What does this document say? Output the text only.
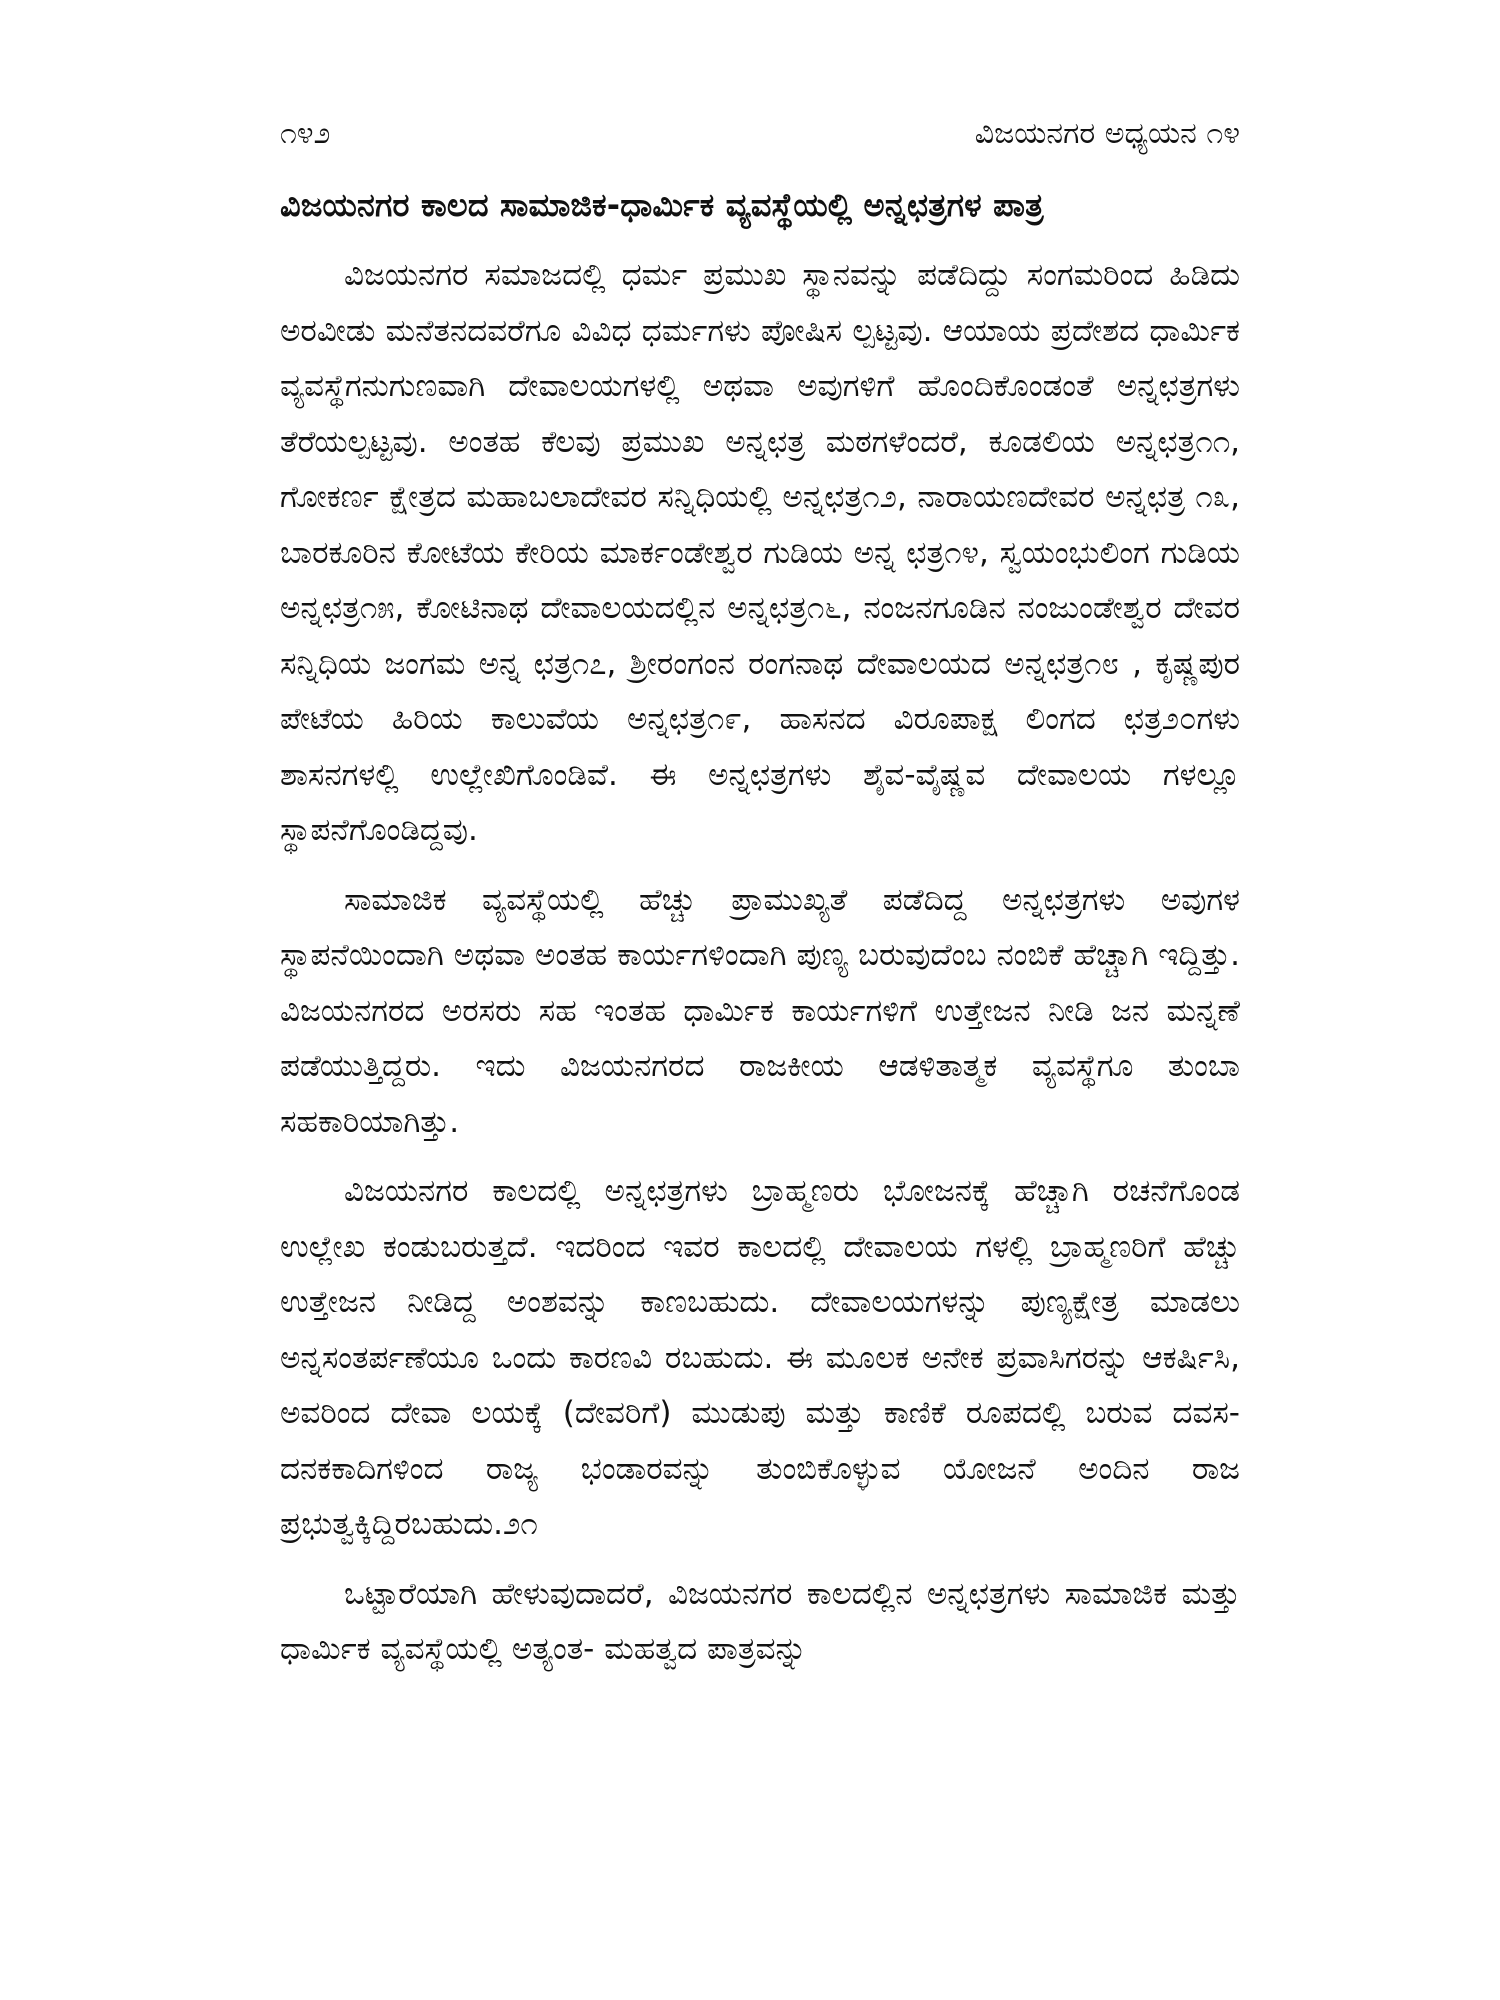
೧೪೨	ವಿಜಯನಗರ ಅಧ್ಯಯನ ೧೪
ವಿಜಯನಗರ ಕಾಲದ ಸಾಮಾಜಿಕ-ಧಾರ್ಮಿಕ ವ್ಯವಸ್ಥೆಯಲ್ಲಿ ಅನ್ನಛತ್ರಗಳ ಪಾತ್ರ

ವಿಜಯನಗರ ಸಮಾಜದಲ್ಲಿ ಧರ್ಮ ಪ್ರಮುಖ ಸ್ಥಾನವನ್ನು ಪಡೆದಿದ್ದು ಸಂಗಮರಿಂದ ಹಿಡಿದು ಅರವೀಡು ಮನೆತನದವರೆಗೂ ವಿವಿಧ ಧರ್ಮಗಳು ಪೋಷಿಸ ಲ್ಪಟ್ಟವು. ಆಯಾಯ ಪ್ರದೇಶದ ಧಾರ್ಮಿಕ ವ್ಯವಸ್ಥೆಗನುಗುಣವಾಗಿ ದೇವಾಲಯಗಳಲ್ಲಿ ಅಥವಾ ಅವುಗಳಿಗೆ ಹೊಂದಿಕೊಂಡಂತೆ ಅನ್ನಛತ್ರಗಳು ತೆರೆಯಲ್ಪಟ್ಟವು. ಅಂತಹ ಕೆಲವು ಪ್ರಮುಖ ಅನ್ನಛತ್ರ ಮಠಗಳೆಂದರೆ, ಕೂಡಲಿಯ ಅನ್ನಛತ್ರ೧೧, ಗೋಕರ್ಣ ಕ್ಷೇತ್ರದ ಮಹಾಬಲಾದೇವರ ಸನ್ನಿಧಿಯಲ್ಲಿ ಅನ್ನಛತ್ರ೧೨, ನಾರಾಯಣದೇವರ ಅನ್ನಛತ್ರ ೧೩, ಬಾರಕೂರಿನ ಕೋಟೆಯ ಕೇರಿಯ ಮಾರ್ಕಂಡೇಶ್ವರ ಗುಡಿಯ ಅನ್ನ ಛತ್ರ೧೪, ಸ್ವಯಂಭುಲಿಂಗ ಗುಡಿಯ ಅನ್ನಛತ್ರ೧೫, ಕೋಟಿನಾಥ ದೇವಾಲಯದಲ್ಲಿನ ಅನ್ನಛತ್ರ೧೬, ನಂಜನಗೂಡಿನ ನಂಜುಂಡೇಶ್ವರ ದೇವರ ಸನ್ನಿಧಿಯ ಜಂಗಮ ಅನ್ನ ಛತ್ರ೧೭, ಶ್ರೀರಂಗಂನ ರಂಗನಾಥ ದೇವಾಲಯದ ಅನ್ನಛತ್ರ೧೮ , ಕೃಷ್ಣಪುರ ಪೇಟೆಯ ಹಿರಿಯ ಕಾಲುವೆಯ ಅನ್ನಛತ್ರ೧೯, ಹಾಸನದ ವಿರೂಪಾಕ್ಷ ಲಿಂಗದ ಛತ್ರ೨೦ಗಳು ಶಾಸನಗಳಲ್ಲಿ ಉಲ್ಲೇಖಿಗೊಂಡಿವೆ. ಈ ಅನ್ನಛತ್ರಗಳು ಶೈವ-ವೈಷ್ಣವ ದೇವಾಲಯ ಗಳಲ್ಲೂ ಸ್ಥಾಪನೆಗೊಂಡಿದ್ದವು.

ಸಾಮಾಜಿಕ ವ್ಯವಸ್ಥೆಯಲ್ಲಿ ಹೆಚ್ಚು ಪ್ರಾಮುಖ್ಯತೆ ಪಡೆದಿದ್ದ ಅನ್ನಛತ್ರಗಳು ಅವುಗಳ ಸ್ಥಾಪನೆಯಿಂದಾಗಿ ಅಥವಾ ಅಂತಹ ಕಾರ್ಯಗಳಿಂದಾಗಿ ಪುಣ್ಯ ಬರುವುದೆಂಬ ನಂಬಿಕೆ ಹೆಚ್ಚಾಗಿ ಇದ್ದಿತ್ತು. ವಿಜಯನಗರದ ಅರಸರು ಸಹ ಇಂತಹ ಧಾರ್ಮಿಕ ಕಾರ್ಯಗಳಿಗೆ ಉತ್ತೇಜನ ನೀಡಿ ಜನ ಮನ್ನಣೆ ಪಡೆಯುತ್ತಿದ್ದರು. ಇದು ವಿಜಯನಗರದ ರಾಜಕೀಯ ಆಡಳಿತಾತ್ಮಕ ವ್ಯವಸ್ಥೆಗೂ ತುಂಬಾ ಸಹಕಾರಿಯಾಗಿತ್ತು.

ವಿಜಯನಗರ ಕಾಲದಲ್ಲಿ ಅನ್ನಛತ್ರಗಳು ಬ್ರಾಹ್ಮಣರು ಭೋಜನಕ್ಕೆ ಹೆಚ್ಚಾಗಿ ರಚನೆಗೊಂಡ ಉಲ್ಲೇಖ ಕಂಡುಬರುತ್ತದೆ. ಇದರಿಂದ ಇವರ ಕಾಲದಲ್ಲಿ ದೇವಾಲಯ ಗಳಲ್ಲಿ ಬ್ರಾಹ್ಮಣರಿಗೆ ಹೆಚ್ಚು ಉತ್ತೇಜನ ನೀಡಿದ್ದ ಅಂಶವನ್ನು ಕಾಣಬಹುದು. ದೇವಾಲಯಗಳನ್ನು ಪುಣ್ಯಕ್ಷೇತ್ರ ಮಾಡಲು ಅನ್ನಸಂತರ್ಪಣೆಯೂ ಒಂದು ಕಾರಣವಿ ರಬಹುದು. ಈ ಮೂಲಕ ಅನೇಕ ಪ್ರವಾಸಿಗರನ್ನು ಆಕರ್ಷಿಸಿ, ಅವರಿಂದ ದೇವಾ ಲಯಕ್ಕೆ (ದೇವರಿಗೆ) ಮುಡುಪು ಮತ್ತು ಕಾಣಿಕೆ ರೂಪದಲ್ಲಿ ಬರುವ ದವಸ- ದನಕಕಾದಿಗಳಿಂದ ರಾಜ್ಯ ಭಂಡಾರವನ್ನು ತುಂಬಿಕೊಳ್ಳುವ ಯೋಜನೆ ಅಂದಿನ ರಾಜ ಪ್ರಭುತ್ವಕ್ಕಿದ್ದಿರಬಹುದು.೨೧

ಒಟ್ಟಾರೆಯಾಗಿ ಹೇಳುವುದಾದರೆ, ವಿಜಯನಗರ ಕಾಲದಲ್ಲಿನ ಅನ್ನಛತ್ರಗಳು ಸಾಮಾಜಿಕ ಮತ್ತು ಧಾರ್ಮಿಕ ವ್ಯವಸ್ಥೆಯಲ್ಲಿ ಅತ್ಯಂತ- ಮಹತ್ವದ ಪಾತ್ರವನ್ನು
